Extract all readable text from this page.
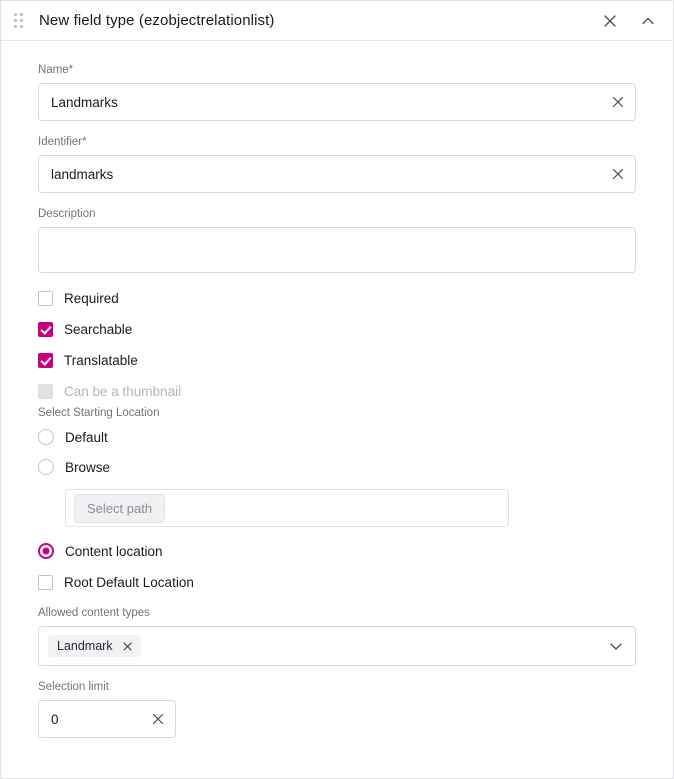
New field type (ezobjectrelationlist)
Name*
Landmarks
Identifier*
landmarks
Description
Required
Searchable
Translatable
Can be a thumbnail
Select Starting Location
Default
Browse
Select path
Content location
Root Default Location
Allowed content types
Landmark
Selection limit
0
